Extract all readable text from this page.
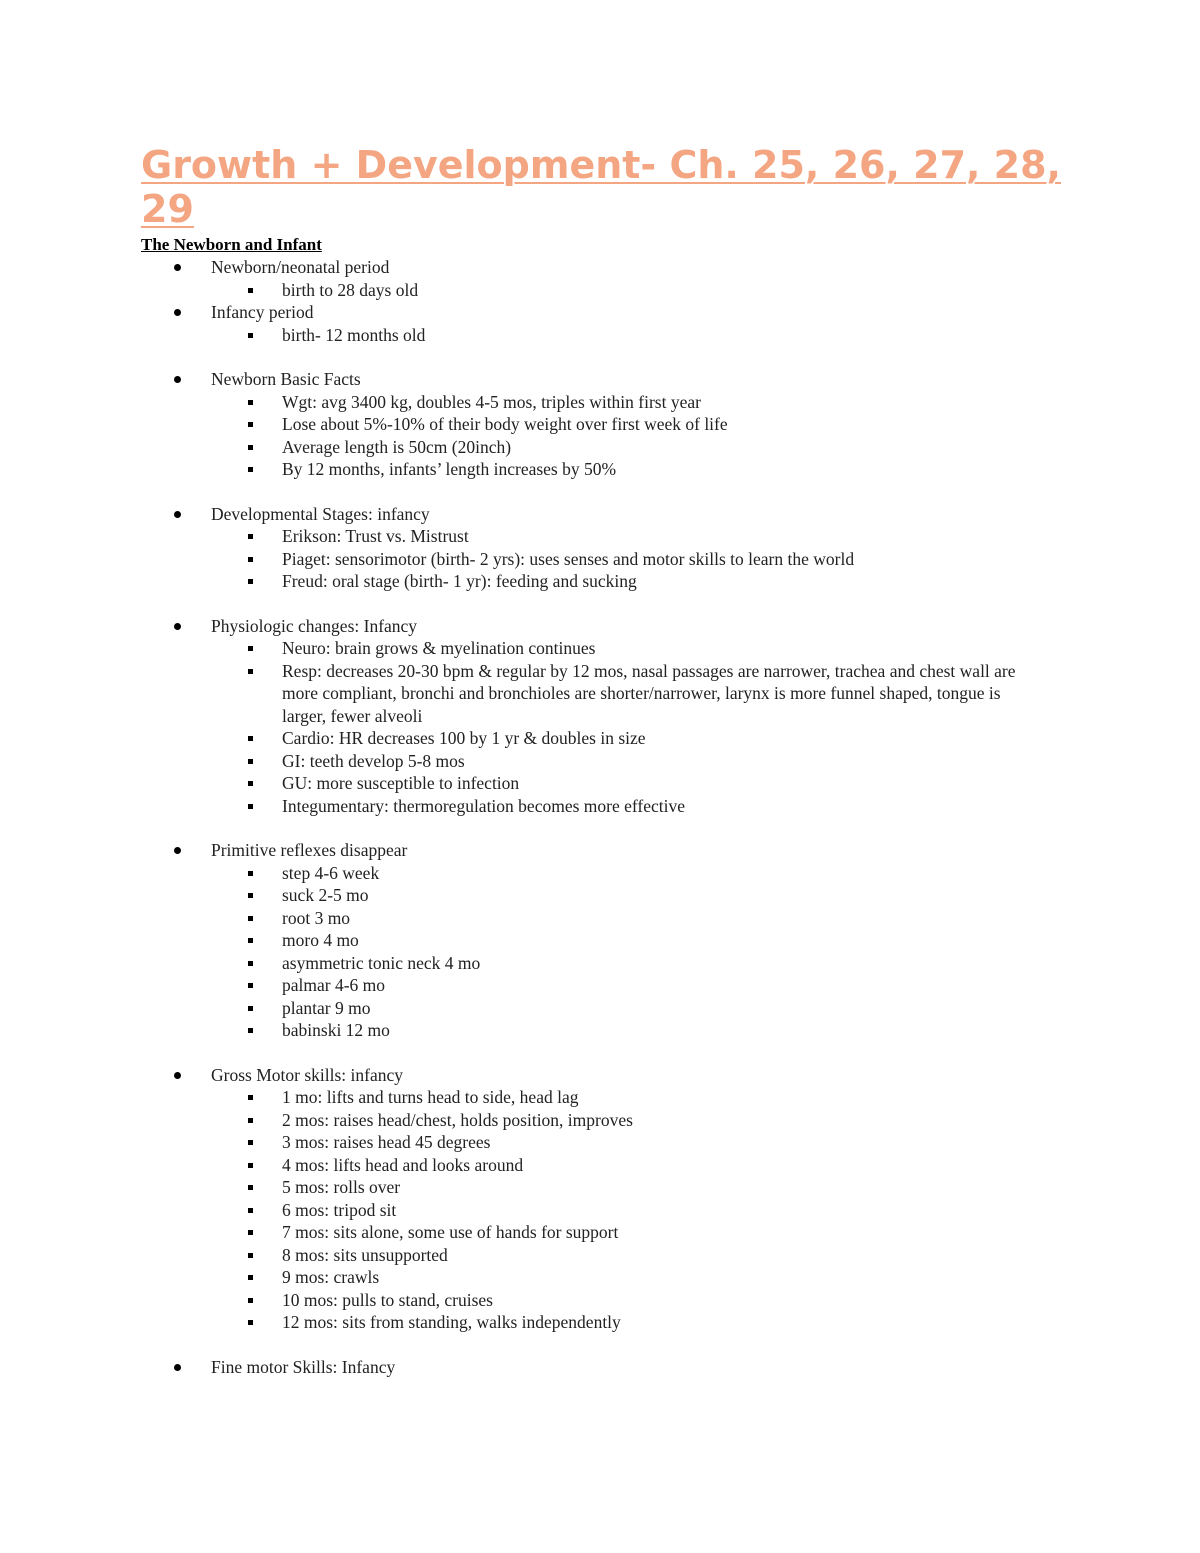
Growth + Development- Ch. 25, 26, 27, 28, 29
The Newborn and Infant
Newborn/neonatal period
birth to 28 days old
Infancy period
birth- 12 months old
Newborn Basic Facts
Wgt: avg 3400 kg, doubles 4-5 mos, triples within first year
Lose about 5%-10% of their body weight over first week of life
Average length is 50cm (20inch)
By 12 months, infants’ length increases by 50%
Developmental Stages: infancy
Erikson: Trust vs. Mistrust
Piaget: sensorimotor (birth- 2 yrs): uses senses and motor skills to learn the world
Freud: oral stage (birth- 1 yr): feeding and sucking
Physiologic changes: Infancy
Neuro: brain grows & myelination continues
Resp: decreases 20-30 bpm & regular by 12 mos, nasal passages are narrower, trachea and chest wall are more compliant, bronchi and bronchioles are shorter/narrower, larynx is more funnel shaped, tongue is larger, fewer alveoli
Cardio: HR decreases 100 by 1 yr & doubles in size
GI: teeth develop 5-8 mos
GU: more susceptible to infection
Integumentary: thermoregulation becomes more effective
Primitive reflexes disappear
step 4-6 week
suck 2-5 mo
root 3 mo
moro 4 mo
asymmetric tonic neck 4 mo
palmar 4-6 mo
plantar 9 mo
babinski 12 mo
Gross Motor skills: infancy
1 mo: lifts and turns head to side, head lag
2 mos: raises head/chest, holds position, improves
3 mos: raises head 45 degrees
4 mos: lifts head and looks around
5 mos: rolls over
6 mos: tripod sit
7 mos: sits alone, some use of hands for support
8 mos: sits unsupported
9 mos: crawls
10 mos: pulls to stand, cruises
12 mos: sits from standing, walks independently
Fine motor Skills: Infancy
